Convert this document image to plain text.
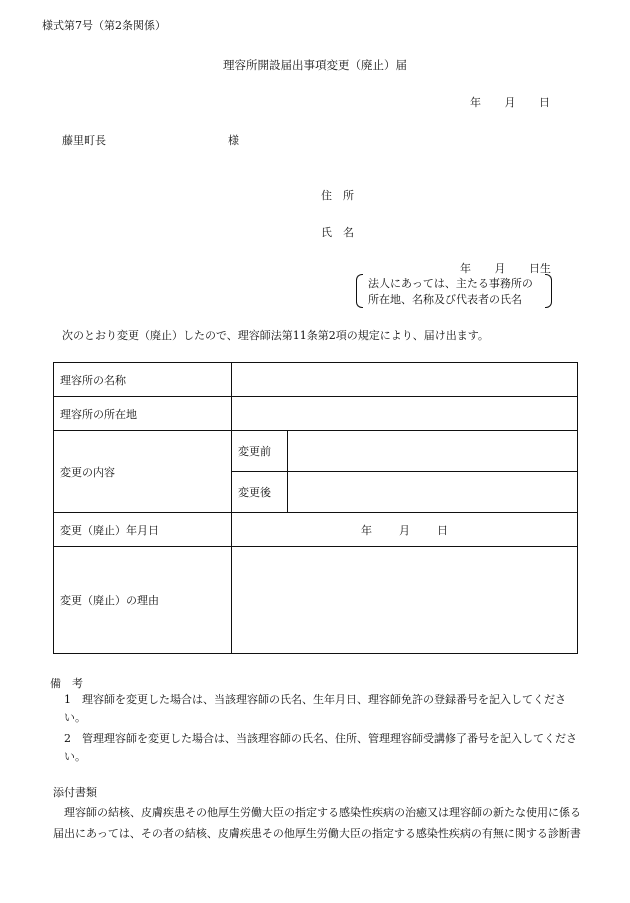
様式第7号（第2条関係）
理容所開設届出事項変更（廃止）届
年 月 日
藤里町長	様
住　所
氏　名
年 月 日生
法人にあっては、主たる事務所の
所在地、名称及び代表者の氏名
次のとおり変更（廃止）したので、理容師法第11条第2項の規定により、届け出ます。
理容所の名称		
理容所の所在地		
変更の内容	変更前	
	変更後	
変更（廃止）年月日	年 月 日	
変更（廃止）の理由		
備　考
1　理容師を変更した場合は、当該理容師の氏名、生年月日、理容師免許の登録番号を記入してください。
2　管理理容師を変更した場合は、当該理容師の氏名、住所、管理理容師受講修了番号を記入してください。
添付書類
理容師の結核、皮膚疾患その他厚生労働大臣の指定する感染性疾病の治癒又は理容師の新たな使用に係る届出にあっては、その者の結核、皮膚疾患その他厚生労働大臣の指定する感染性疾病の有無に関する診断書
